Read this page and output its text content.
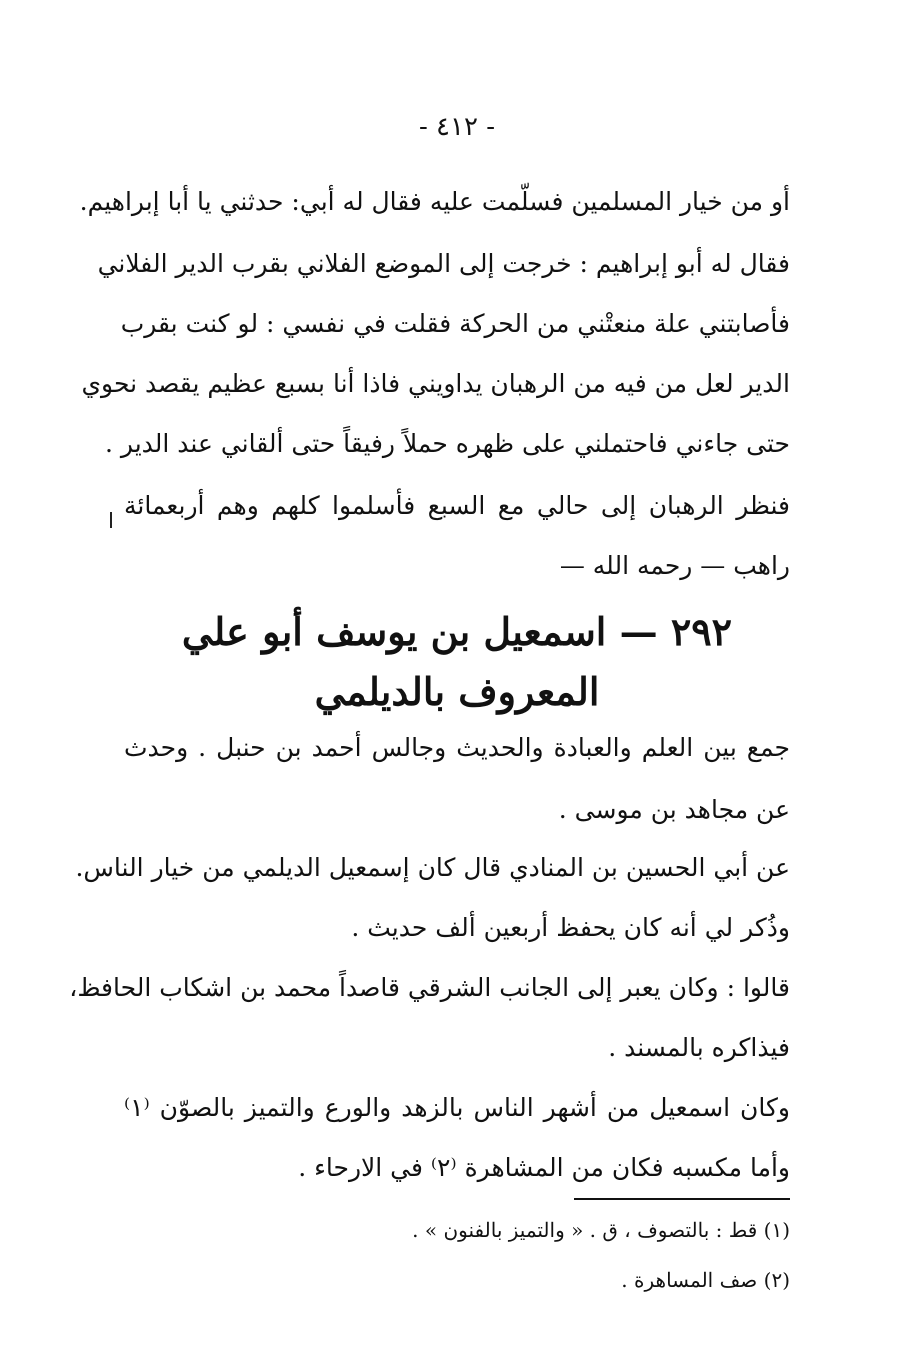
- ٤١٢ -
أو من خيار المسلمين فسلّمت عليه فقال له أبي: حدثني يا أبا إبراهيم.
فقال له أبو إبراهيم : خرجت إلى الموضع الفلاني بقرب الدير الفلاني
فأصابتني علة منعتْني من الحركة فقلت في نفسي : لو كنت بقرب
الدير لعل من فيه من الرهبان يداويني فاذا أنا بسبع عظيم يقصد نحوي
حتى جاءني فاحتملني على ظهره حملاً رفيقاً حتى ألقاني عند الدير .
فنظر الرهبان إلى حالي مع السبع فأسلموا كلهم وهم أربعمائة
راهب — رحمه الله —
٢٩٢ — اسمعيل بن يوسف أبو علي
المعروف بالديلمي
جمع بين العلم والعبادة والحديث وجالس أحمد بن حنبل . وحدث
عن مجاهد بن موسى .
عن أبي الحسين بن المنادي قال كان إسمعيل الديلمي من خيار الناس.
وذُكر لي أنه كان يحفظ أربعين ألف حديث .
قالوا : وكان يعبر إلى الجانب الشرقي قاصداً محمد بن اشكاب الحافظ،
فيذاكره بالمسند .
وكان اسمعيل من أشهر الناس بالزهد والورع والتميز بالصوّن ⁽١⁾
وأما مكسبه فكان من المشاهرة ⁽٢⁾ في الارحاء .
(١) قط : بالتصوف ، ق . « والتميز بالفنون » .
(٢) صف المساهرة .
